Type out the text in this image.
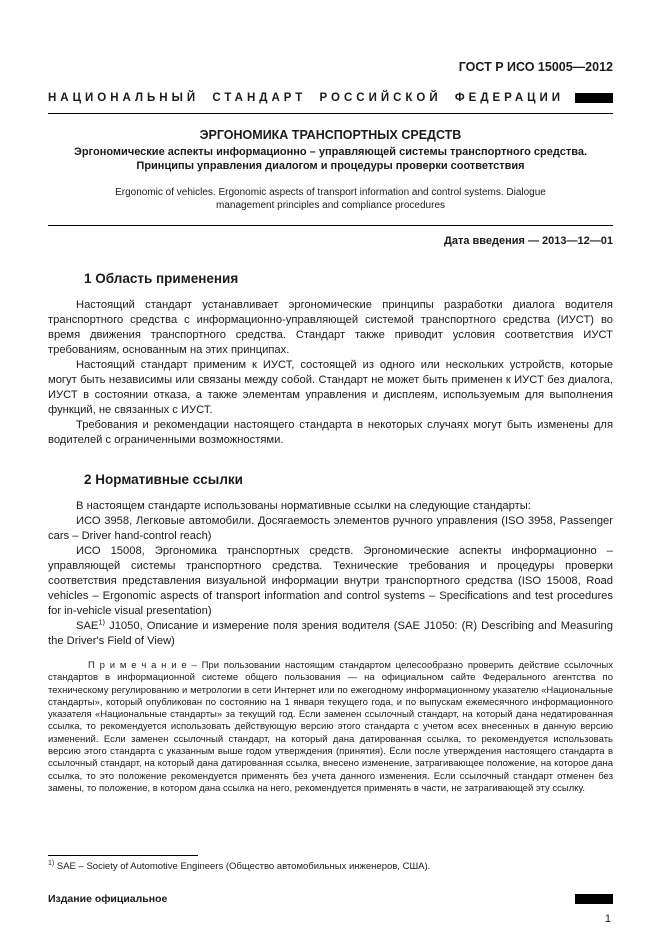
ГОСТ Р ИСО 15005—2012
НАЦИОНАЛЬНЫЙ СТАНДАРТ РОССИЙСКОЙ ФЕДЕРАЦИИ
ЭРГОНОМИКА ТРАНСПОРТНЫХ СРЕДСТВ
Эргономические аспекты информационно – управляющей системы транспортного средства.
Принципы управления диалогом и процедуры проверки соответствия
Ergonomic of vehicles. Ergonomic aspects of transport information and control systems. Dialogue management principles and compliance procedures
Дата введения — 2013—12—01
1 Область применения

Настоящий стандарт устанавливает эргономические принципы разработки диалога водителя транспортного средства с информационно-управляющей системой транспортного средства (ИУСТ) во время движения транспортного средства. Стандарт также приводит условия соответствия ИУСТ требованиям, основанным на этих принципах.

Настоящий стандарт применим к ИУСТ, состоящей из одного или нескольких устройств, которые могут быть независимы или связаны между собой. Стандарт не может быть применен к ИУСТ без диалога, ИУСТ в состоянии отказа, а также элементам управления и дисплеям, используемым для выполнения функций, не связанных с ИУСТ.

Требования и рекомендации настоящего стандарта в некоторых случаях могут быть изменены для водителей с ограниченными возможностями.

2 Нормативные ссылки

В настоящем стандарте использованы нормативные ссылки на следующие стандарты:

ИСО 3958, Легковые автомобили. Досягаемость элементов ручного управления (ISO 3958, Passenger cars – Driver hand-control reach)

ИСО 15008, Эргономика транспортных средств. Эргономические аспекты информационно – управляющей системы транспортного средства. Технические требования и процедуры проверки соответствия представления визуальной информации внутри транспортного средства (ISO 15008, Road vehicles – Ergonomic aspects of transport information and control systems – Specifications and test procedures for in-vehicle visual presentation)

SAE$^{1)}$ J1050, Описание и измерение поля зрения водителя (SAE J1050: (R) Describing and Measuring the Driver's Field of View)

П р и м е ч а н и е – При пользовании настоящим стандартом целесообразно проверить действие ссылочных стандартов в информационной системе общего пользования — на официальном сайте Федерального агентства по техническому регулированию и метрологии в сети Интернет или по ежегодному информационному указателю «Национальные стандарты», который опубликован по состоянию на 1 января текущего года, и по выпускам ежемесячного информационного указателя «Национальные стандарты» за текущий год. Если заменен ссылочный стандарт, на который дана недатированная ссылка, то рекомендуется использовать действующую версию этого стандарта с учетом всех внесенных в данную версию изменений. Если заменен ссылочный стандарт, на который дана датированная ссылка, то рекомендуется использовать версию этого стандарта с указанным выше годом утверждения (принятия). Если после утверждения настоящего стандарта в ссылочный стандарт, на который дана датированная ссылка, внесено изменение, затрагивающее положение, на которое дана ссылка, то это положение рекомендуется применять без учета данного изменения. Если ссылочный стандарт отменен без замены, то положение, в котором дана ссылка на него, рекомендуется применять в части, не затрагивающей эту ссылку.

$^{1)}$ SAE – Society of Automotive Engineers (Общество автомобильных инженеров, США).

Издание официальное
1
